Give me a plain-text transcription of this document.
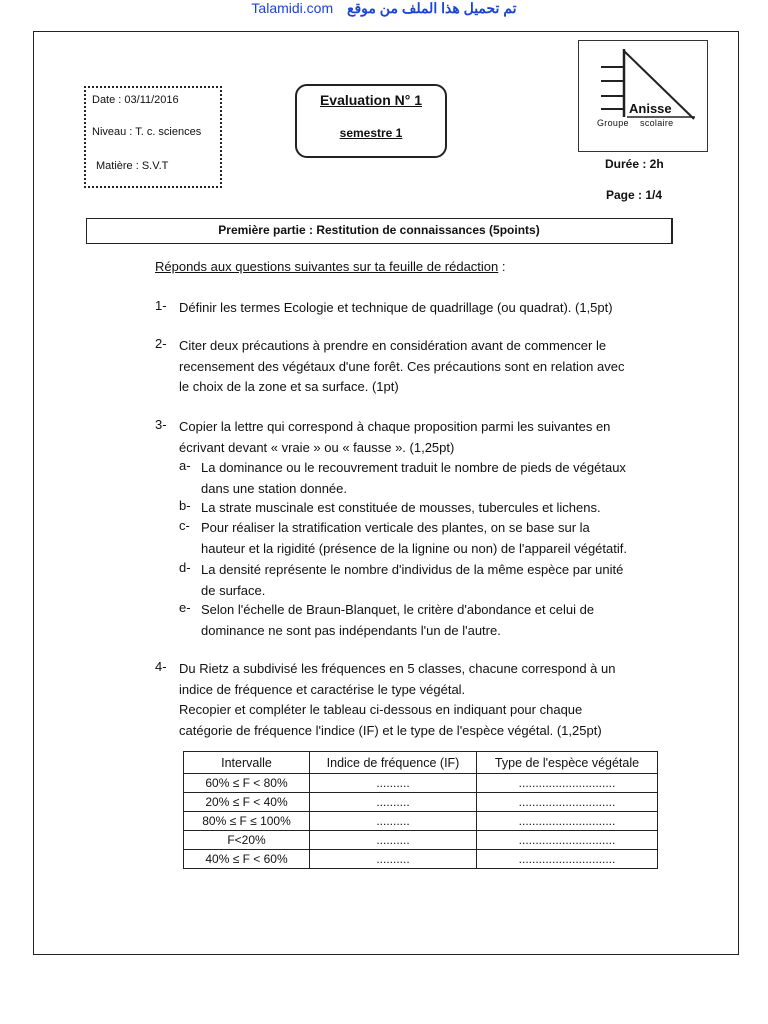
Talamidi.com تم تحميل هذا الملف من موقع
Date : 03/11/2016
Niveau : T. c. sciences
Matière : S.V.T
Evaluation N° 1
semestre 1
Anisse
Groupe    scolaire
Durée : 2h
Page : 1/4
Première partie : Restitution de connaissances (5points)
Réponds aux questions suivantes sur ta feuille de rédaction :
1- Définir les termes Ecologie et technique de quadrillage (ou quadrat). (1,5pt)
2- Citer deux précautions à prendre en considération avant de commencer le
recensement des végétaux d'une forêt. Ces précautions sont en relation avec
le choix de la zone et sa surface. (1pt)
3- Copier la lettre qui correspond à chaque proposition parmi les suivantes en
écrivant devant « vraie » ou « fausse ». (1,25pt)
a- La dominance ou le recouvrement traduit le nombre de pieds de végétaux
dans une station donnée.
b- La strate muscinale est constituée de mousses, tubercules et lichens.
c- Pour réaliser la stratification verticale des plantes, on se base sur la
hauteur et la rigidité (présence de la lignine ou non) de l'appareil végétatif.
d- La densité représente le nombre d'individus de la même espèce par unité
de surface.
e- Selon l'échelle de Braun-Blanquet, le critère d'abondance et celui de
dominance ne sont pas indépendants l'un de l'autre.
4- Du Rietz a subdivisé les fréquences en 5 classes, chacune correspond à un
indice de fréquence et caractérise le type végétal.
Recopier et compléter le tableau ci-dessous en indiquant pour chaque
catégorie de fréquence l'indice (IF) et le type de l'espèce végétal. (1,25pt)
Intervalle	Indice de fréquence (IF)	Type de l'espèce végétale
60% ≤ F < 80%	..........	.............................
20% ≤ F < 40%	..........	.............................
80% ≤ F ≤ 100%	..........	.............................
F<20%	..........	.............................
40% ≤ F < 60%	..........	.............................
